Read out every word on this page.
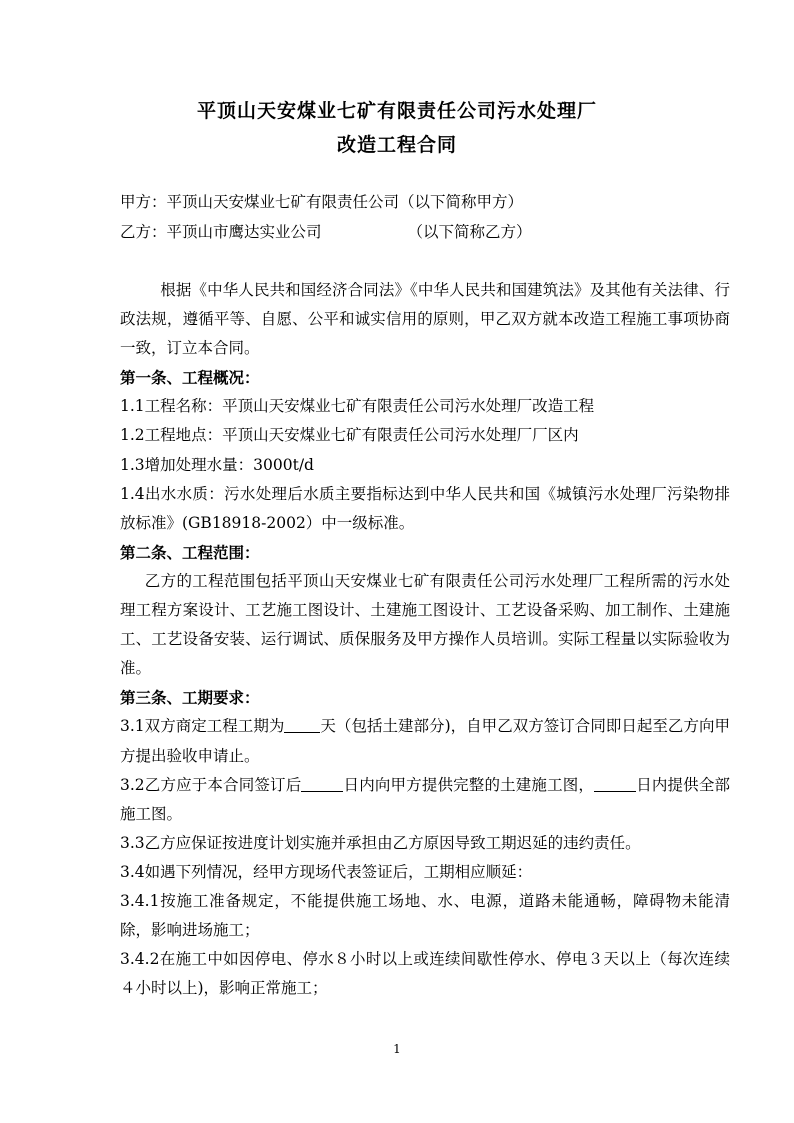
平顶山天安煤业七矿有限责任公司污水处理厂
改造工程合同
甲方：平顶山天安煤业七矿有限责任公司（以下简称甲方）
乙方：平顶山市鹰达实业公司	（以下简称乙方）

根据《中华人民共和国经济合同法》《中华人民共和国建筑法》及其他有关法律、行政法规，遵循平等、自愿、公平和诚实信用的原则，甲乙双方就本改造工程施工事项协商一致，订立本合同。

第一条、工程概况：

1.1工程名称：平顶山天安煤业七矿有限责任公司污水处理厂改造工程

1.2工程地点：平顶山天安煤业七矿有限责任公司污水处理厂厂区内

1.3增加处理水量：3000t/d

1.4出水水质：污水处理后水质主要指标达到中华人民共和国《城镇污水处理厂污染物排放标准》(GB18918-2002）中一级标准。

第二条、工程范围：

乙方的工程范围包括平顶山天安煤业七矿有限责任公司污水处理厂工程所需的污水处理工程方案设计、工艺施工图设计、土建施工图设计、工艺设备采购、加工制作、土建施工、工艺设备安装、运行调试、质保服务及甲方操作人员培训。实际工程量以实际验收为准。

第三条、工期要求：

3.1双方商定工程工期为 天（包括土建部分)，自甲乙双方签订合同即日起至乙方向甲方提出验收申请止。

3.2乙方应于本合同签订后	日内向甲方提供完整的土建施工图，	日内提供全部施工图。

3.3乙方应保证按进度计划实施并承担由乙方原因导致工期迟延的违约责任。

3.4如遇下列情况，经甲方现场代表签证后，工期相应顺延：

3.4.1按施工准备规定，不能提供施工场地、水、电源，道路未能通畅，障碍物未能清除，影响进场施工；

3.4.2在施工中如因停电、停水８小时以上或连续间歇性停水、停电３天以上（每次连续４小时以上)，影响正常施工；

1
